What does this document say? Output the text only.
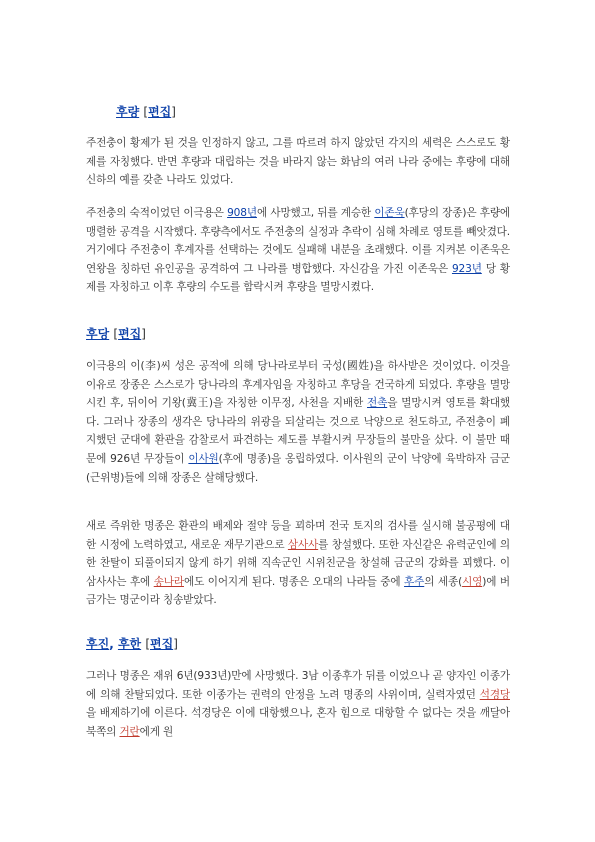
후량 [편집]
주전충이 황제가 된 것을 인정하지 않고, 그를 따르려 하지 않았던 각지의 세력은 스스로도 황제를 자칭했다. 반면 후량과 대립하는 것을 바라지 않는 화남의 여러 나라 중에는 후량에 대해 신하의 예를 갖춘 나라도 있었다.
주전충의 숙적이었던 이극용은 908년에 사망했고, 뒤를 계승한 이존욱(후당의 장종)은 후량에 맹렬한 공격을 시작했다. 후량측에서도 주전충의 실정과 추락이 심해 차례로 영토를 빼앗겼다. 거기에다 주전충이 후계자를 선택하는 것에도 실패해 내분을 초래했다. 이를 지켜본 이존욱은 연왕을 칭하던 유인공을 공격하여 그 나라를 병합했다. 자신감을 가진 이존욱은 923년 당 황제를 자칭하고 이후 후량의 수도를 함락시켜 후량을 멸망시켰다.
후당 [편집]
이극용의 이(李)씨 성은 공적에 의해 당나라로부터 국성(國姓)을 하사받은 것이었다. 이것을 이유로 장종은 스스로가 당나라의 후계자임을 자칭하고 후당을 건국하게 되었다. 후량을 멸망시킨 후, 뒤이어 기왕(冀王)을 자칭한 이무정, 사천을 지배한 전촉을 멸망시켜 영토를 확대했다. 그러나 장종의 생각은 당나라의 위광을 되살리는 것으로 낙양으로 천도하고, 주전충이 폐지했던 군대에 환관을 감찰로서 파견하는 제도를 부활시켜 무장들의 불만을 샀다. 이 불만 때문에 926년 무장들이 이사원(후에 명종)을 옹립하였다. 이사원의 군이 낙양에 육박하자 금군(근위병)들에 의해 장종은 살해당했다.
새로 즉위한 명종은 환관의 배제와 절약 등을 꾀하며 전국 토지의 검사를 실시해 불공평에 대한 시정에 노력하였고, 새로운 재무기관으로 삼사사를 창설했다. 또한 자신같은 유력군인에 의한 찬탈이 되풀이되지 않게 하기 위해 직속군인 시위친군을 창설해 금군의 강화를 꾀했다. 이 삼사사는 후에 송나라에도 이어지게 된다. 명종은 오대의 나라들 중에 후주의 세종(시영)에 버금가는 명군이라 칭송받았다.
후진, 후한 [편집]
그러나 명종은 재위 6년(933년)만에 사망했다. 3남 이종후가 뒤를 이었으나 곧 양자인 이종가에 의해 찬탈되었다. 또한 이종가는 권력의 안정을 노려 명종의 사위이며, 실력자였던 석경당을 배제하기에 이른다. 석경당은 이에 대항했으나, 혼자 힘으로 대항할 수 없다는 것을 깨달아 북쪽의 거란에게 원
